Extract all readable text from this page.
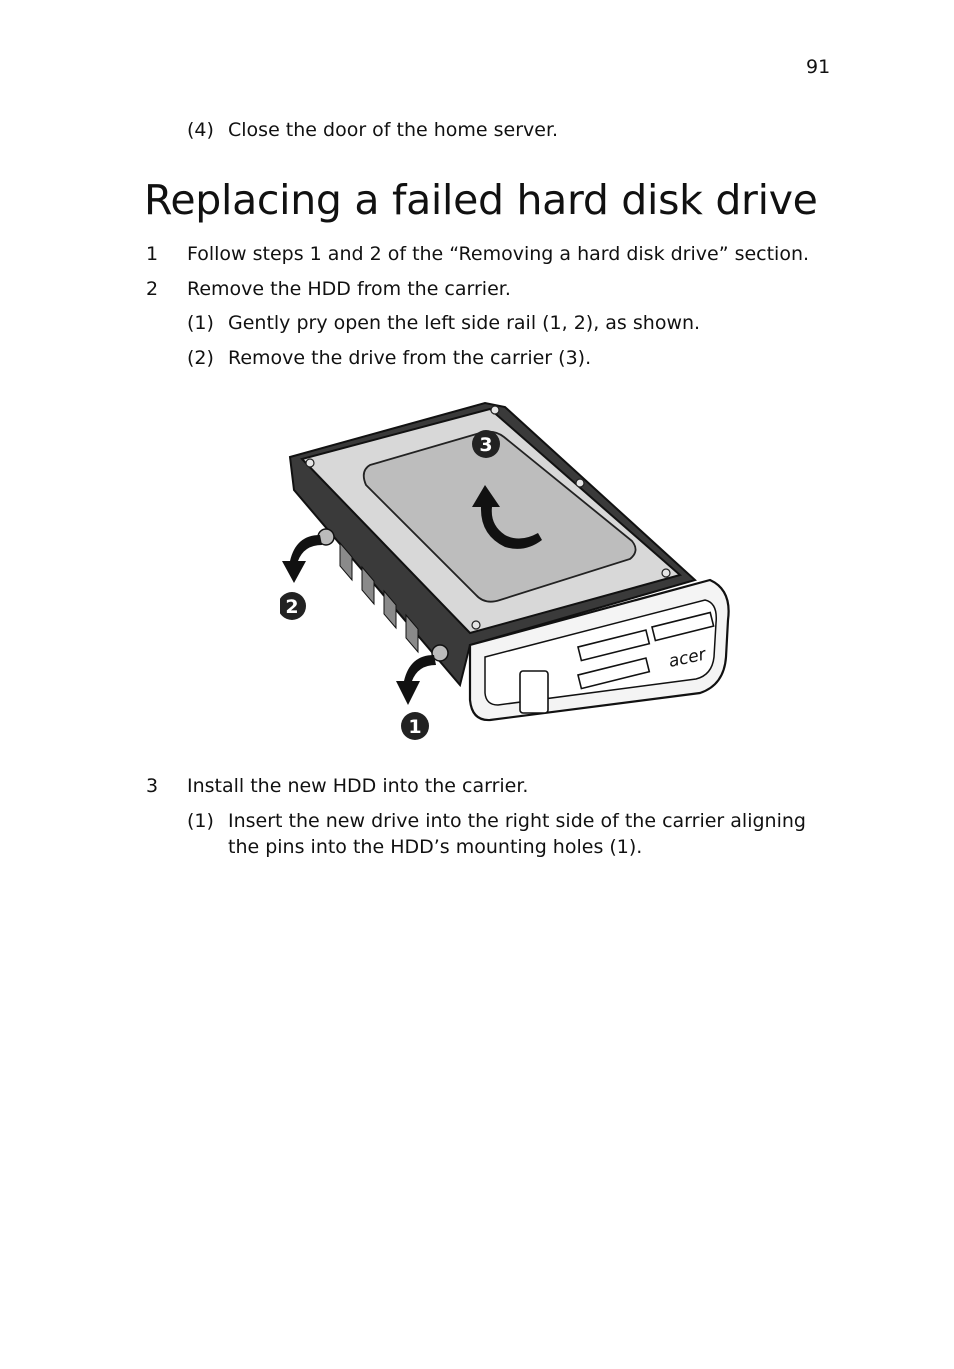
91
(4) Close the door of the home server.
Replacing a failed hard disk drive
1 Follow steps 1 and 2 of the “Removing a hard disk drive” section.
2 Remove the HDD from the carrier.
(1) Gently pry open the left side rail (1, 2), as shown.
(2) Remove the drive from the carrier (3).
acer
3
2
1
3 Install the new HDD into the carrier.
(1) Insert the new drive into the right side of the carrier aligning
the pins into the HDD’s mounting holes (1).
